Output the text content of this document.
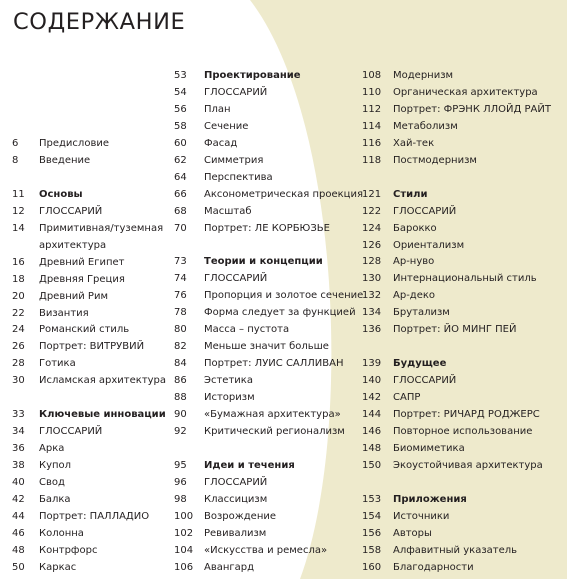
СОДЕРЖАНИЕ
6 Предисловие
8 Введение
11 Основы
12 ГЛОССАРИЙ
14 Примитивная/туземная
архитектура
16 Древний Египет
18 Древняя Греция
20 Древний Рим
22 Византия
24 Романский стиль
26 Портрет: ВИТРУВИЙ
28 Готика
30 Исламская архитектура
33 Ключевые инновации
34 ГЛОССАРИЙ
36 Арка
38 Купол
40 Свод
42 Балка
44 Портрет: ПАЛЛАДИО
46 Колонна
48 Контрфорс
50 Каркас
53 Проектирование
54 ГЛОССАРИЙ
56 План
58 Сечение
60 Фасад
62 Симметрия
64 Перспектива
66 Аксонометрическая проекция
68 Масштаб
70 Портрет: ЛЕ КОРБЮЗЬЕ
73 Теории и концепции
74 ГЛОССАРИЙ
76 Пропорция и золотое сечение
78 Форма следует за функцией
80 Масса – пустота
82 Меньше значит больше
84 Портрет: ЛУИС САЛЛИВАН
86 Эстетика
88 Историзм
90 «Бумажная архитектура»
92 Критический регионализм
95 Идеи и течения
96 ГЛОССАРИЙ
98 Классицизм
100 Возрождение
102 Ревивализм
104 «Искусства и ремесла»
106 Авангард
108 Модернизм
110 Органическая архитектура
112 Портрет: ФРЭНК ЛЛОЙД РАЙТ
114 Метаболизм
116 Хай-тек
118 Постмодернизм
121 Стили
122 ГЛОССАРИЙ
124 Барокко
126 Ориентализм
128 Ар-нуво
130 Интернациональный стиль
132 Ар-деко
134 Брутализм
136 Портрет: ЙО МИНГ ПЕЙ
139 Будущее
140 ГЛОССАРИЙ
142 САПР
144 Портрет: РИЧАРД РОДЖЕРС
146 Повторное использование
148 Биомиметика
150 Экоустойчивая архитектура
153 Приложения
154 Источники
156 Авторы
158 Алфавитный указатель
160 Благодарности
